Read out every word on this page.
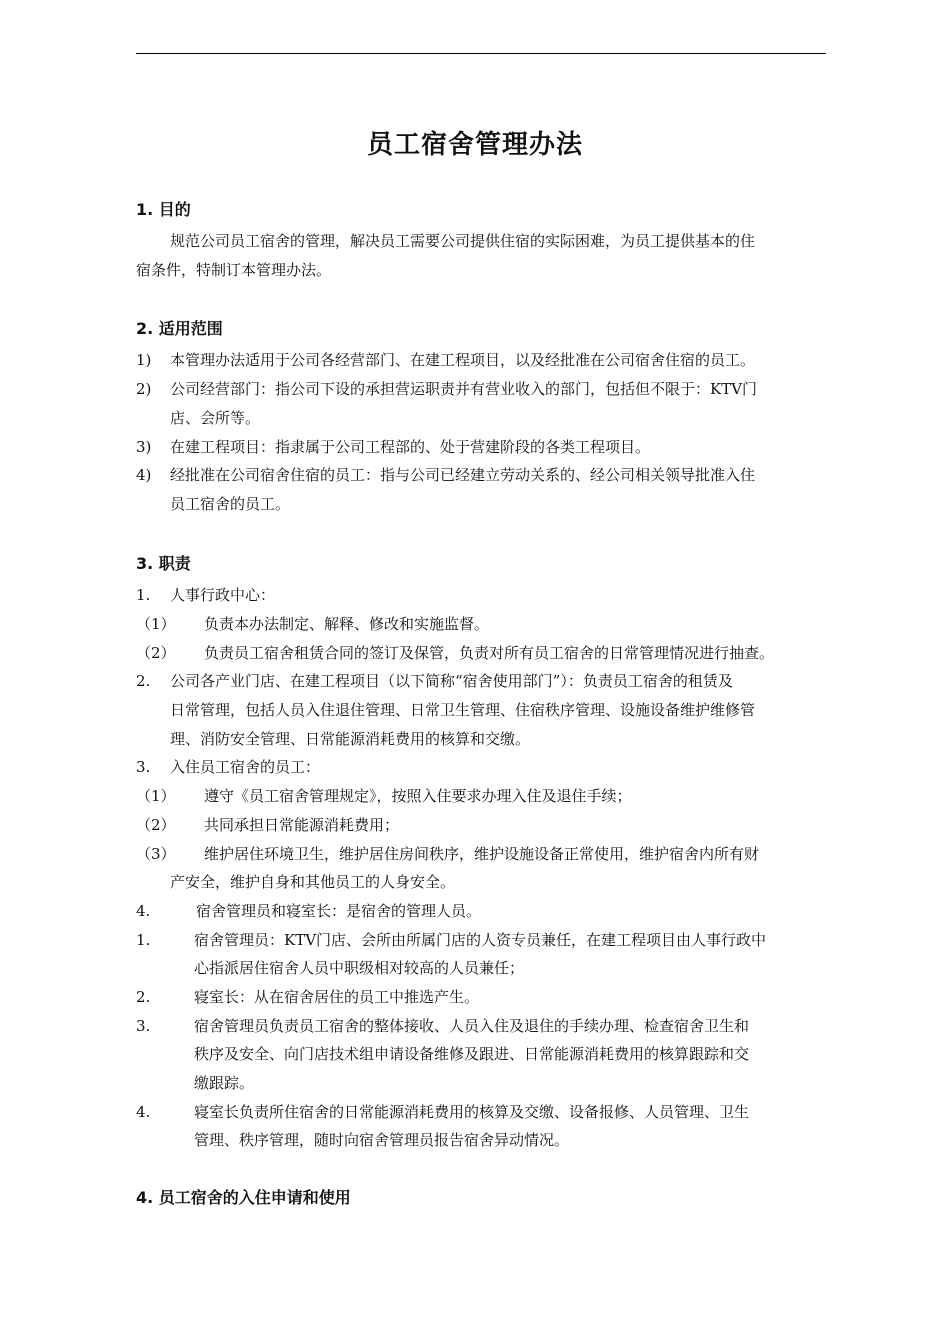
员工宿舍管理办法
1. 目的
规范公司员工宿舍的管理，解决员工需要公司提供住宿的实际困难，为员工提供基本的住
宿条件，特制订本管理办法。
2. 适用范围
1) 本管理办法适用于公司各经营部门、在建工程项目，以及经批准在公司宿舍住宿的员工。
2) 公司经营部门：指公司下设的承担营运职责并有营业收入的部门，包括但不限于：KTV门
店、会所等。
3) 在建工程项目：指隶属于公司工程部的、处于营建阶段的各类工程项目。
4) 经批准在公司宿舍住宿的员工：指与公司已经建立劳动关系的、经公司相关领导批准入住
员工宿舍的员工。
3. 职责
1. 人事行政中心：
（1） 负责本办法制定、解释、修改和实施监督。
（2） 负责员工宿舍租赁合同的签订及保管，负责对所有员工宿舍的日常管理情况进行抽查。
2. 公司各产业门店、在建工程项目（以下简称“宿舍使用部门”）：负责员工宿舍的租赁及
日常管理，包括人员入住退住管理、日常卫生管理、住宿秩序管理、设施设备维护维修管
理、消防安全管理、日常能源消耗费用的核算和交缴。
3. 入住员工宿舍的员工：
（1） 遵守《员工宿舍管理规定》，按照入住要求办理入住及退住手续；
（2） 共同承担日常能源消耗费用；
（3） 维护居住环境卫生，维护居住房间秩序，维护设施设备正常使用，维护宿舍内所有财
产安全，维护自身和其他员工的人身安全。
4.	宿舍管理员和寝室长：是宿舍的管理人员。
1.	宿舍管理员：KTV门店、会所由所属门店的人资专员兼任，在建工程项目由人事行政中
心指派居住宿舍人员中职级相对较高的人员兼任；
2.	寝室长：从在宿舍居住的员工中推选产生。
3.	宿舍管理员负责员工宿舍的整体接收、人员入住及退住的手续办理、检查宿舍卫生和
秩序及安全、向门店技术组申请设备维修及跟进、日常能源消耗费用的核算跟踪和交
缴跟踪。
4.	寝室长负责所住宿舍的日常能源消耗费用的核算及交缴、设备报修、人员管理、卫生
管理、秩序管理，随时向宿舍管理员报告宿舍异动情况。
4. 员工宿舍的入住申请和使用
